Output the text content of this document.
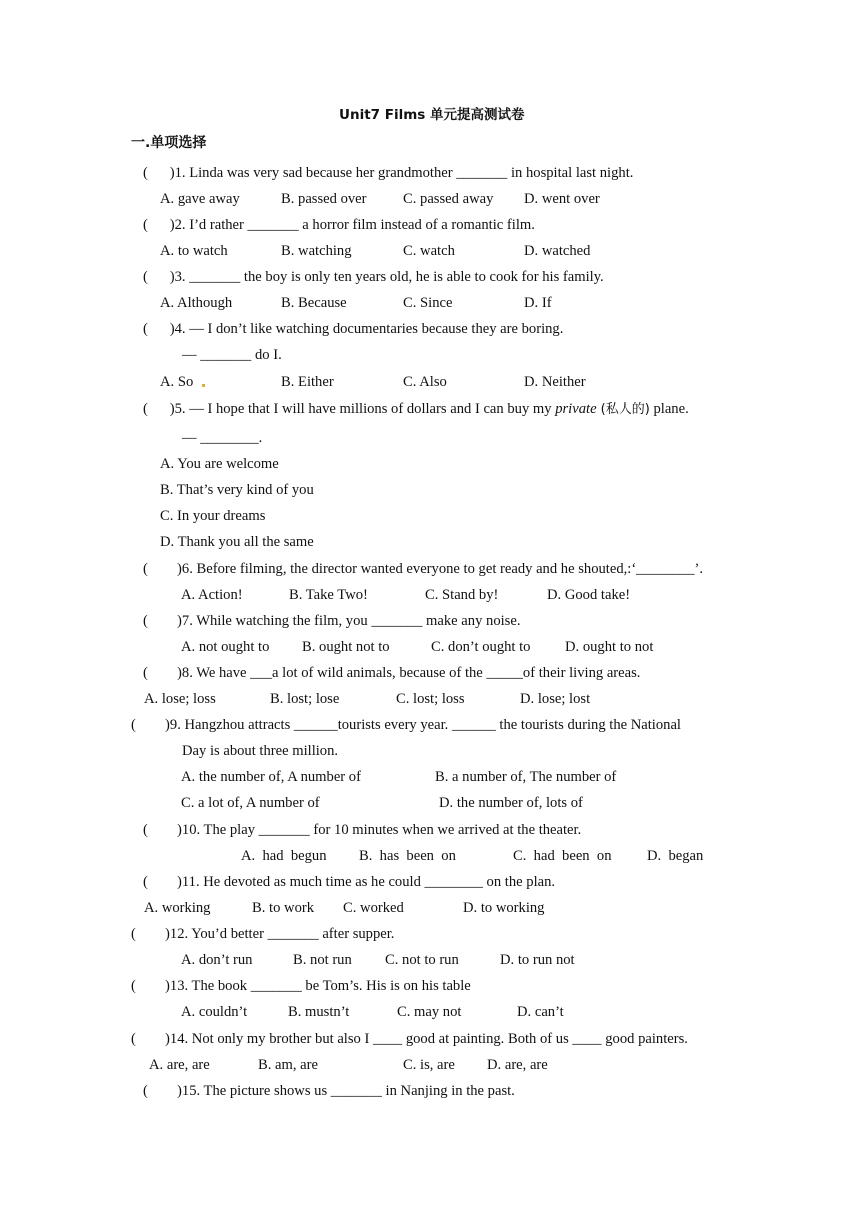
Unit7 Films 单元提高测试卷
一.单项选择
(      )1. Linda was very sad because her grandmother _______ in hospital last night.
A. gave away	B. passed over C. passed away D. went over
(      )2. I’d rather _______ a horror film instead of a romantic film.
A. to watch	B. watching	C. watch	D. watched
(      )3. _______ the boy is only ten years old, he is able to cook for his family.
A. Although	B. Because	C. Since	D. If
(      )4. — I don’t like watching documentaries because they are boring.
— _______ do I.
A. So	B. Either	C. Also	D. Neither
(      )5. — I hope that I will have millions of dollars and I can buy my private (私人的) plane.
— ________.
A. You are welcome
B. That’s very kind of you
C. In your dreams
D. Thank you all the same
(        )6. Before filming, the director wanted everyone to get ready and he shouted,:‘________’.
A. Action!	B. Take Two!	C. Stand by!	D. Good take!
(        )7. While watching the film, you _______ make any noise.
A. not ought to B. ought not to	C. don’t ought to D. ought to not
(        )8. We have ___a lot of wild animals, because of the _____of their living areas.
A. lose; loss	B. lost; lose	C. lost; loss	D. lose; lost
(        )9. Hangzhou attracts ______tourists every year. ______ the tourists during the National
Day is about three million.
A. the number of, A number of	B. a number of, The number of
C. a lot of, A number of	D. the number of, lots of
(        )10. The play _______ for 10 minutes when we arrived at the theater.
A.  had  begun B.  has  been  on	C.  had  been  on D.  began
(        )11. He devoted as much time as he could ________ on the plan.
A. working	B. to work C. worked	D. to working
(        )12. You’d better _______ after supper.
A. don’t run	B. not run C. not to run	D. to run not
(        )13. The book _______ be Tom’s. His is on his table
A. couldn’t	B. mustn’t	C. may not	D. can’t
(        )14. Not only my brother but also I ____ good at painting. Both of us ____ good painters.
A. are, are	B. am, are	C. is, are D. are, are
(        )15. The picture shows us _______ in Nanjing in the past.
